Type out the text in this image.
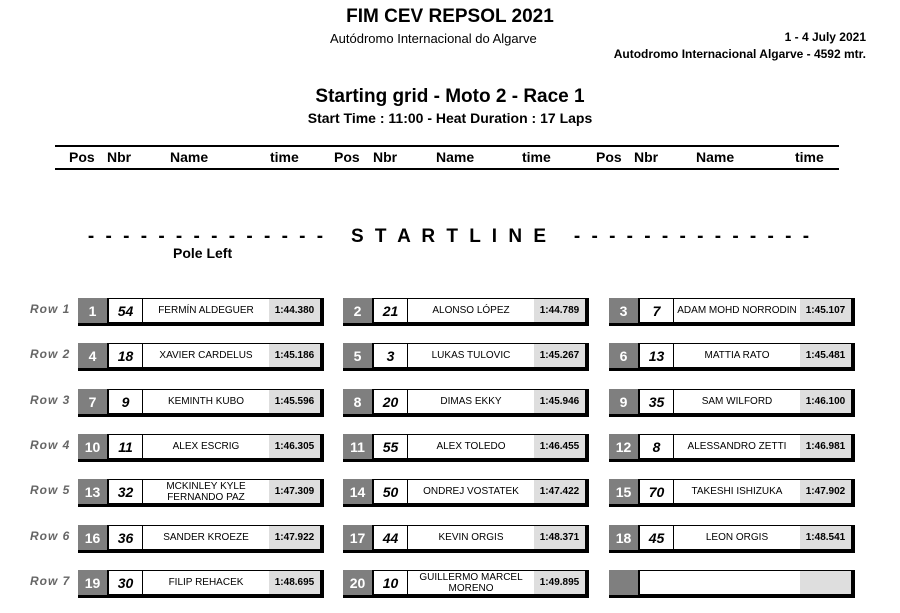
FIM CEV REPSOL 2021
Autódromo Internacional do Algarve	1 - 4 July 2021
Autodromo Internacional Algarve - 4592 mtr.
Starting grid - Moto 2 - Race 1
Start Time : 11:00 - Heat Duration : 17 Laps
Pos Nbr	Name	time	Pos Nbr	Name	time	Pos Nbr	Name	time
- - - - - - - - - - - - - -   S T A R T L I N E   - - - - - - - - - - - - - -
Pole Left
Row 1	1	54	FERMÍN ALDEGUER	1:44.380	2	21	ALONSO LÓPEZ	1:44.789	3	7	ADAM MOHD NORRODIN 1:45.107
Row 2	4	18	XAVIER CARDELUS	1:45.186	5	3	LUKAS TULOVIC	1:45.267	6	13	MATTIA RATO	1:45.481
Row 3	7	9	KEMINTH KUBO	1:45.596	8	20	DIMAS EKKY	1:45.946	9	35	SAM WILFORD	1:46.100
Row 4	10	11	ALEX ESCRIG	1:46.305	11	55	ALEX TOLEDO	1:46.455	12	8	ALESSANDRO ZETTI	1:46.981
Row 5	13	32	MCKINLEY KYLE FERNANDO PAZ	1:47.309	14	50	ONDREJ VOSTATEK	1:47.422	15	70	TAKESHI ISHIZUKA	1:47.902
Row 6	16	36	SANDER KROEZE	1:47.922	17	44	KEVIN ORGIS	1:48.371	18	45	LEON ORGIS	1:48.541
Row 7	19	30	FILIP REHACEK	1:48.695	20	10	GUILLERMO MARCEL MORENO	1:49.895
